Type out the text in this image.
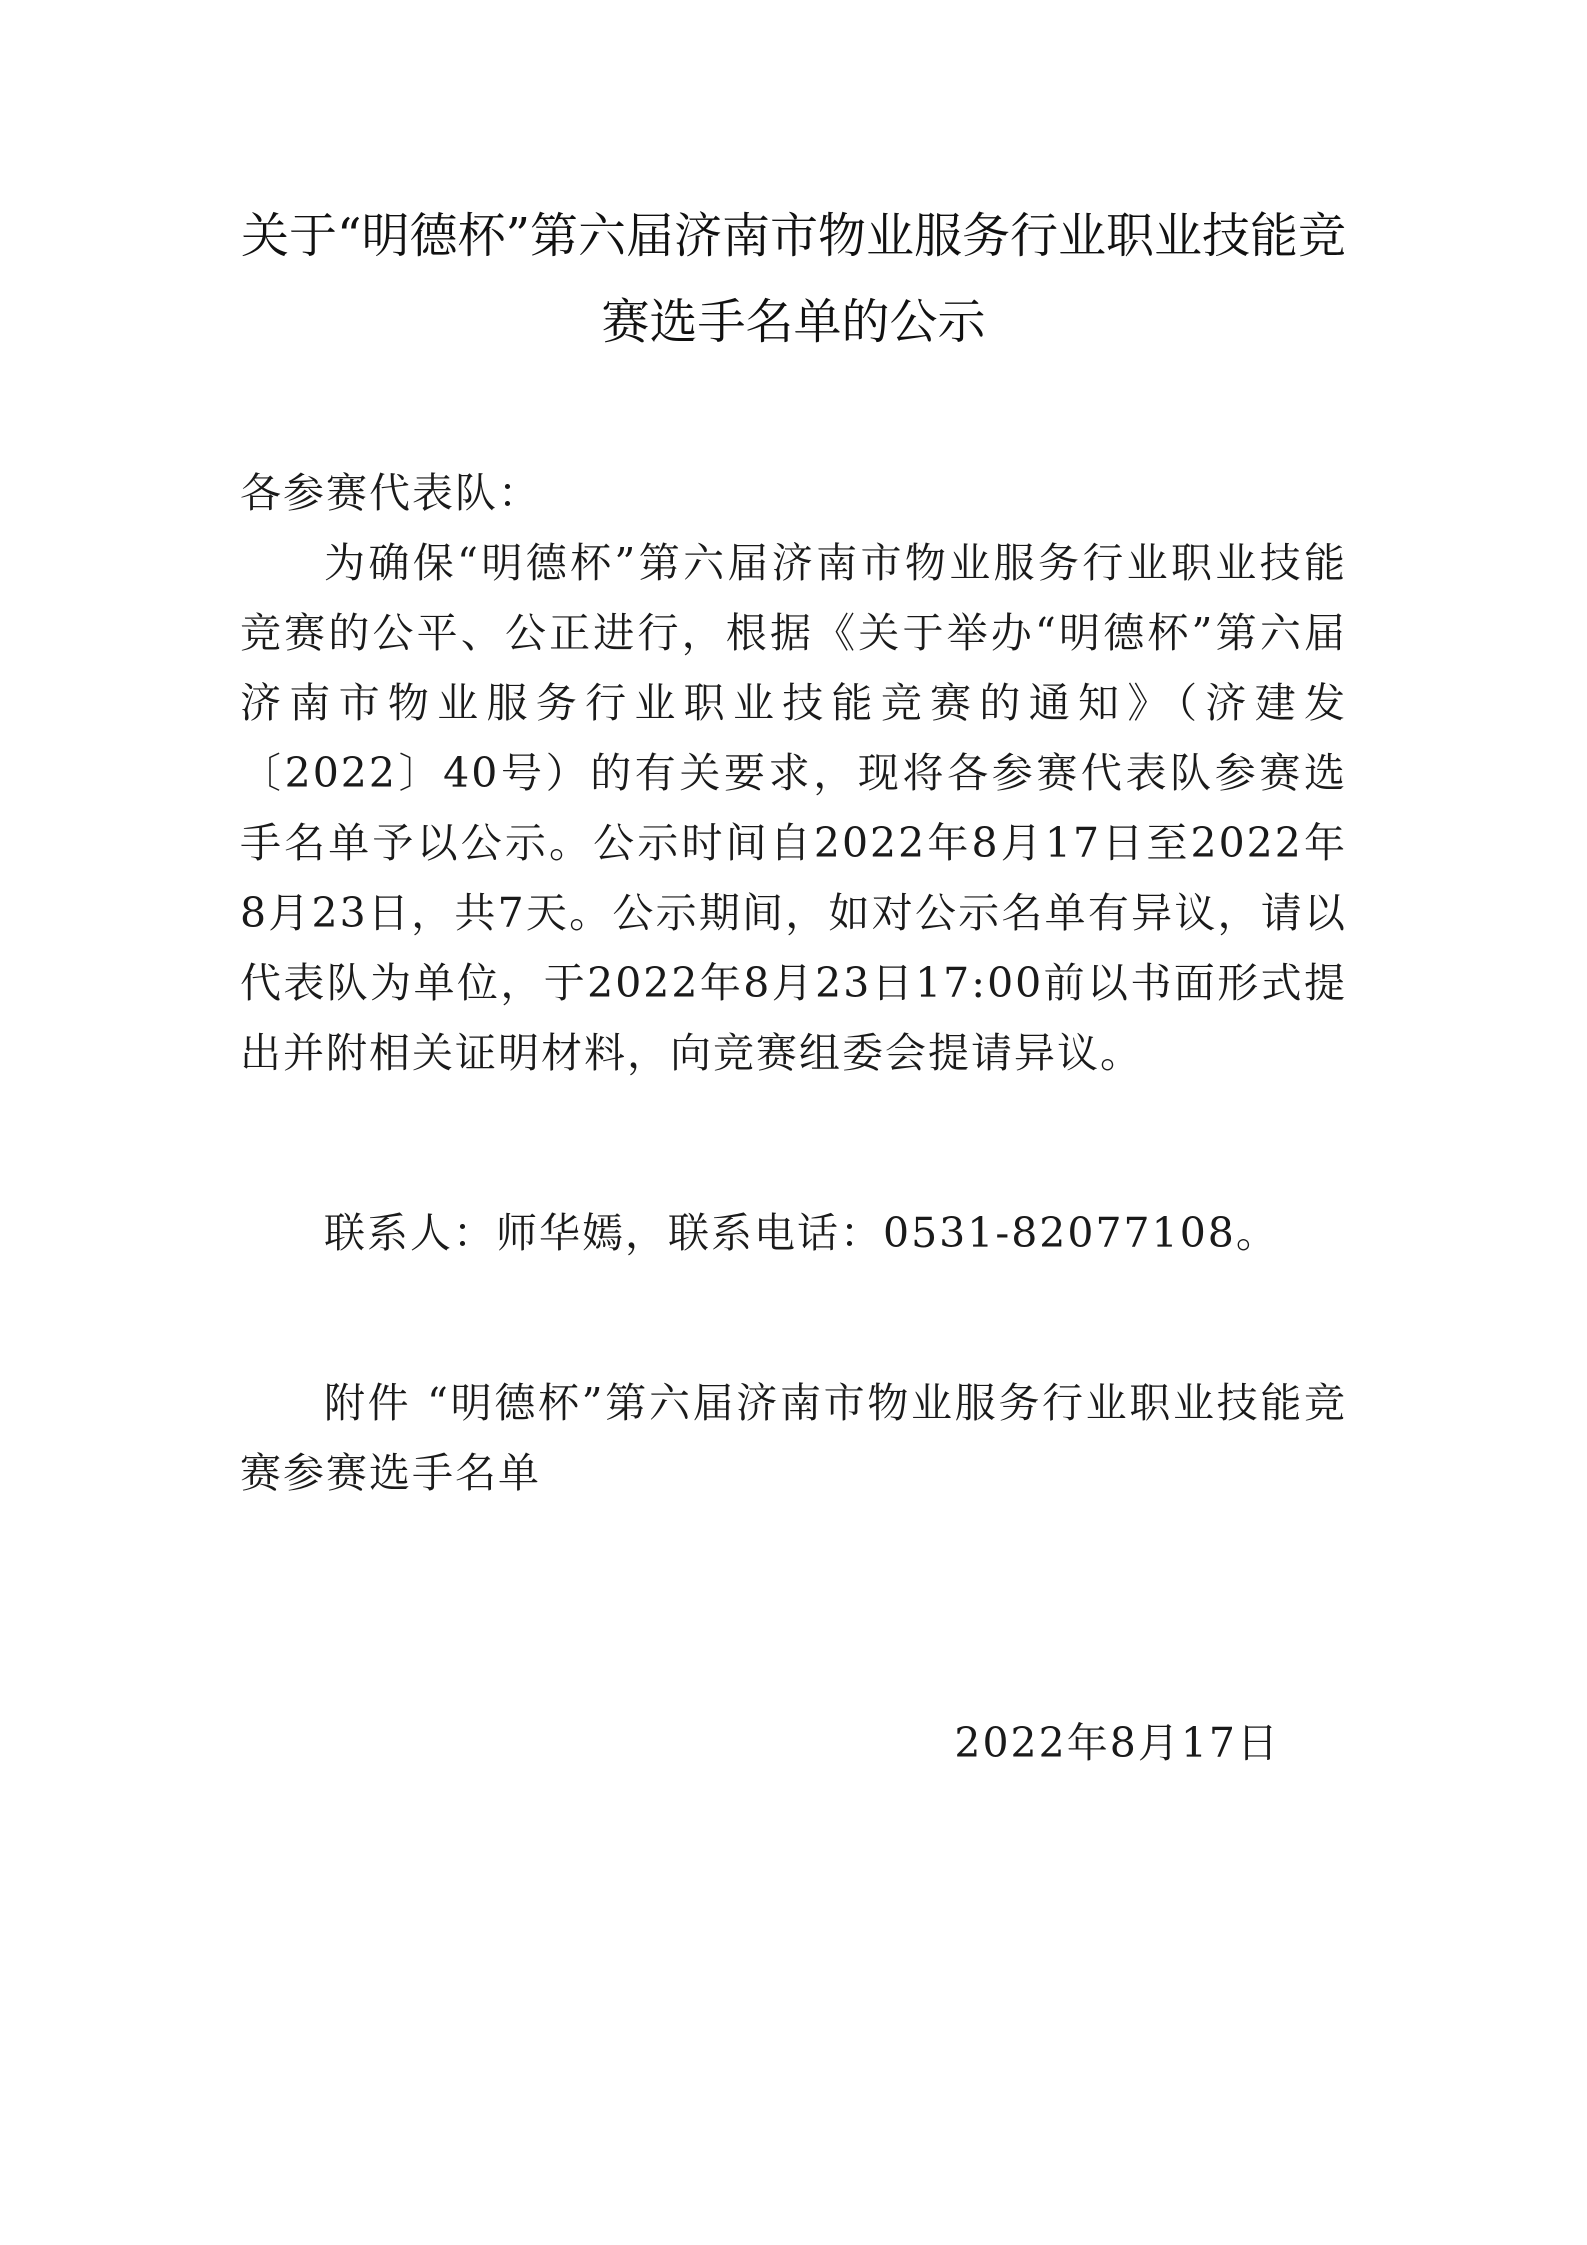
关于“明德杯”第六届济南市物业服务行业职业技能竞赛选手名单的公示
各参赛代表队：
为确保“明德杯”第六届济南市物业服务行业职业技能竞赛的公平、公正进行，根据《关于举办“明德杯”第六届济南市物业服务行业职业技能竞赛的通知》（济建发〔2022〕40号）的有关要求，现将各参赛代表队参赛选手名单予以公示。公示时间自2022年8月17日至2022年8月23日，共7天。公示期间，如对公示名单有异议，请以代表队为单位，于2022年8月23日17:00前以书面形式提出并附相关证明材料，向竞赛组委会提请异议。
联系人：师华嫣，联系电话：0531-82077108。
附件 “明德杯”第六届济南市物业服务行业职业技能竞赛参赛选手名单
2022年8月17日
